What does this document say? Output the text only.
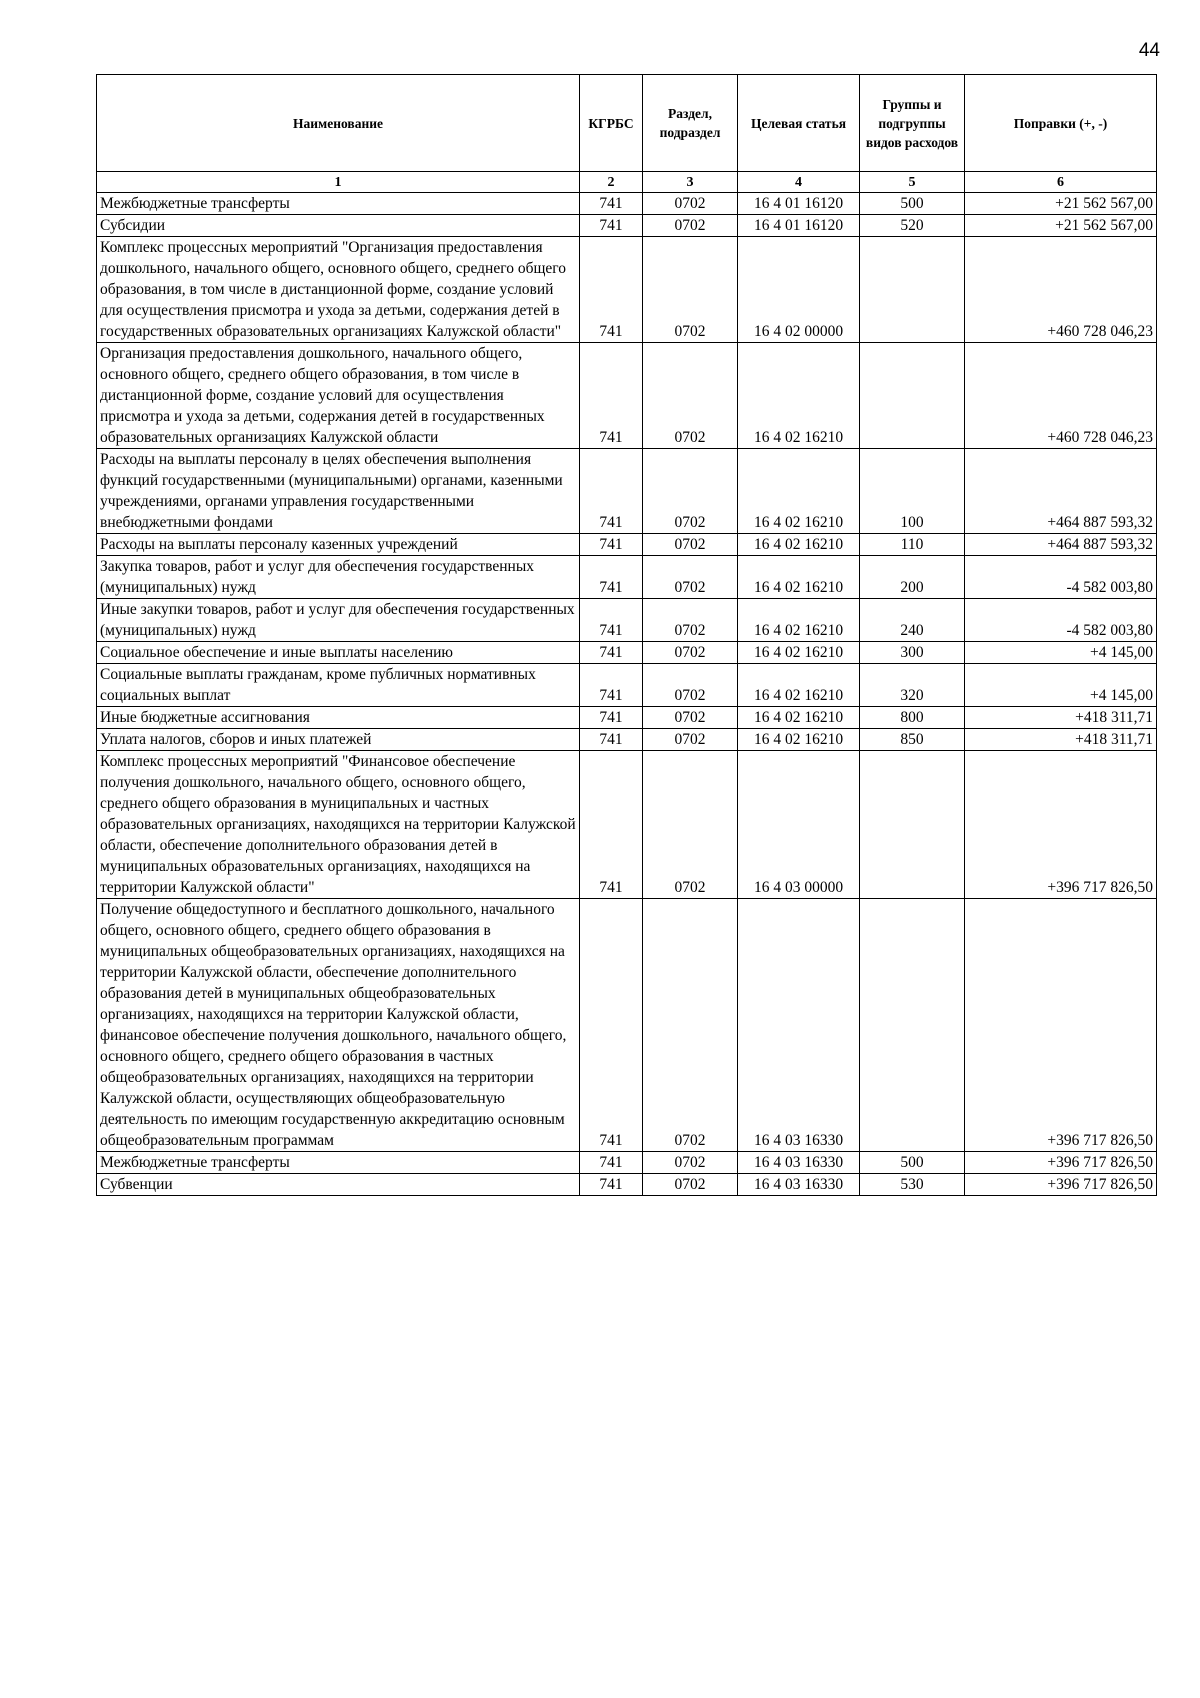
44
Наименование	КГРБС	Раздел, подраздел	Целевая статья	Группы и подгруппы видов расходов	Поправки (+, -)
1	2	3	4	5	6
Межбюджетные трансферты	741	0702	16 4 01 16120	500	+21 562 567,00
Субсидии	741	0702	16 4 01 16120	520	+21 562 567,00
Комплекс процессных мероприятий "Организация предоставления дошкольного, начального общего, основного общего, среднего общего образования, в том числе в дистанционной форме, создание условий для осуществления присмотра и ухода за детьми, содержания детей в государственных образовательных организациях Калужской области"	741	0702	16 4 02 00000		+460 728 046,23
Организация предоставления дошкольного, начального общего, основного общего, среднего общего образования, в том числе в дистанционной форме, создание условий для осуществления присмотра и ухода за детьми, содержания детей в государственных образовательных организациях Калужской области	741	0702	16 4 02 16210		+460 728 046,23
Расходы на выплаты персоналу в целях обеспечения выполнения функций государственными (муниципальными) органами, казенными учреждениями, органами управления государственными внебюджетными фондами	741	0702	16 4 02 16210	100	+464 887 593,32
Расходы на выплаты персоналу казенных учреждений	741	0702	16 4 02 16210	110	+464 887 593,32
Закупка товаров, работ и услуг для обеспечения государственных (муниципальных) нужд	741	0702	16 4 02 16210	200	-4 582 003,80
Иные закупки товаров, работ и услуг для обеспечения государственных (муниципальных) нужд	741	0702	16 4 02 16210	240	-4 582 003,80
Социальное обеспечение и иные выплаты населению	741	0702	16 4 02 16210	300	+4 145,00
Социальные выплаты гражданам, кроме публичных нормативных социальных выплат	741	0702	16 4 02 16210	320	+4 145,00
Иные бюджетные ассигнования	741	0702	16 4 02 16210	800	+418 311,71
Уплата налогов, сборов и иных платежей	741	0702	16 4 02 16210	850	+418 311,71
Комплекс процессных мероприятий "Финансовое обеспечение получения дошкольного, начального общего, основного общего, среднего общего образования в муниципальных и частных образовательных организациях, находящихся на территории Калужской области, обеспечение дополнительного образования детей в муниципальных образовательных организациях, находящихся на территории Калужской области"	741	0702	16 4 03 00000		+396 717 826,50
Получение общедоступного и бесплатного дошкольного, начального общего, основного общего, среднего общего образования в муниципальных общеобразовательных организациях, находящихся на территории Калужской области, обеспечение дополнительного образования детей в муниципальных общеобразовательных организациях, находящихся на территории Калужской области, финансовое обеспечение получения дошкольного, начального общего, основного общего, среднего общего образования в частных общеобразовательных организациях, находящихся на территории Калужской области, осуществляющих общеобразовательную деятельность по имеющим государственную аккредитацию основным общеобразовательным программам	741	0702	16 4 03 16330		+396 717 826,50
Межбюджетные трансферты	741	0702	16 4 03 16330	500	+396 717 826,50
Субвенции	741	0702	16 4 03 16330	530	+396 717 826,50
